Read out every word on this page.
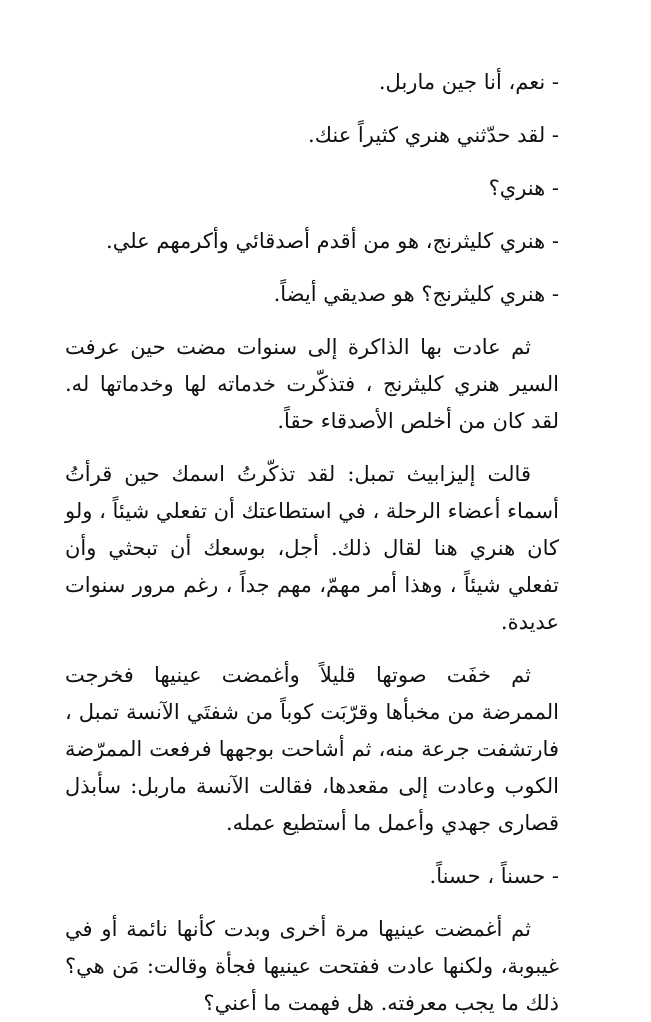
- نعم، أنا جين ماربل.

- لقد حدّثني هنري كثيراً عنك.

- هنري؟

- هنري كليثرنج، هو من أقدم أصدقائي وأكرمهم علي.

- هنري كليثرنج؟ هو صديقي أيضاً.

ثم عادت بها الذاكرة إلى سنوات مضت حين عرفت السير هنري كليثرنج ، فتذكّرت خدماته لها وخدماتها له. لقد كان من أخلص الأصدقاء حقاً.

قالت إليزابيث تمبل: لقد تذكّرتُ اسمك حين قرأتُ أسماء أعضاء الرحلة ، في استطاعتك أن تفعلي شيئاً ، ولو كان هنري هنا لقال ذلك. أجل، بوسعك أن تبحثي وأن تفعلي شيئاً ، وهذا أمر مهمّ، مهم جداً ، رغم مرور سنوات عديدة.

ثم خفَت صوتها قليلاً وأغمضت عينيها فخرجت الممرضة من مخبأها وقرّبَت كوباً من شفتَي الآنسة تمبل ، فارتشفت جرعة منه، ثم أشاحت بوجهها فرفعت الممرّضة الكوب وعادت إلى مقعدها، فقالت الآنسة ماربل: سأبذل قصارى جهدي وأعمل ما أستطيع عمله.

- حسناً ، حسناً.

ثم أغمضت عينيها مرة أخرى وبدت كأنها نائمة أو في غيبوبة، ولكنها عادت ففتحت عينيها فجأة وقالت: مَن هي؟ ذلك ما يجب معرفته. هل فهمت ما أعني؟
